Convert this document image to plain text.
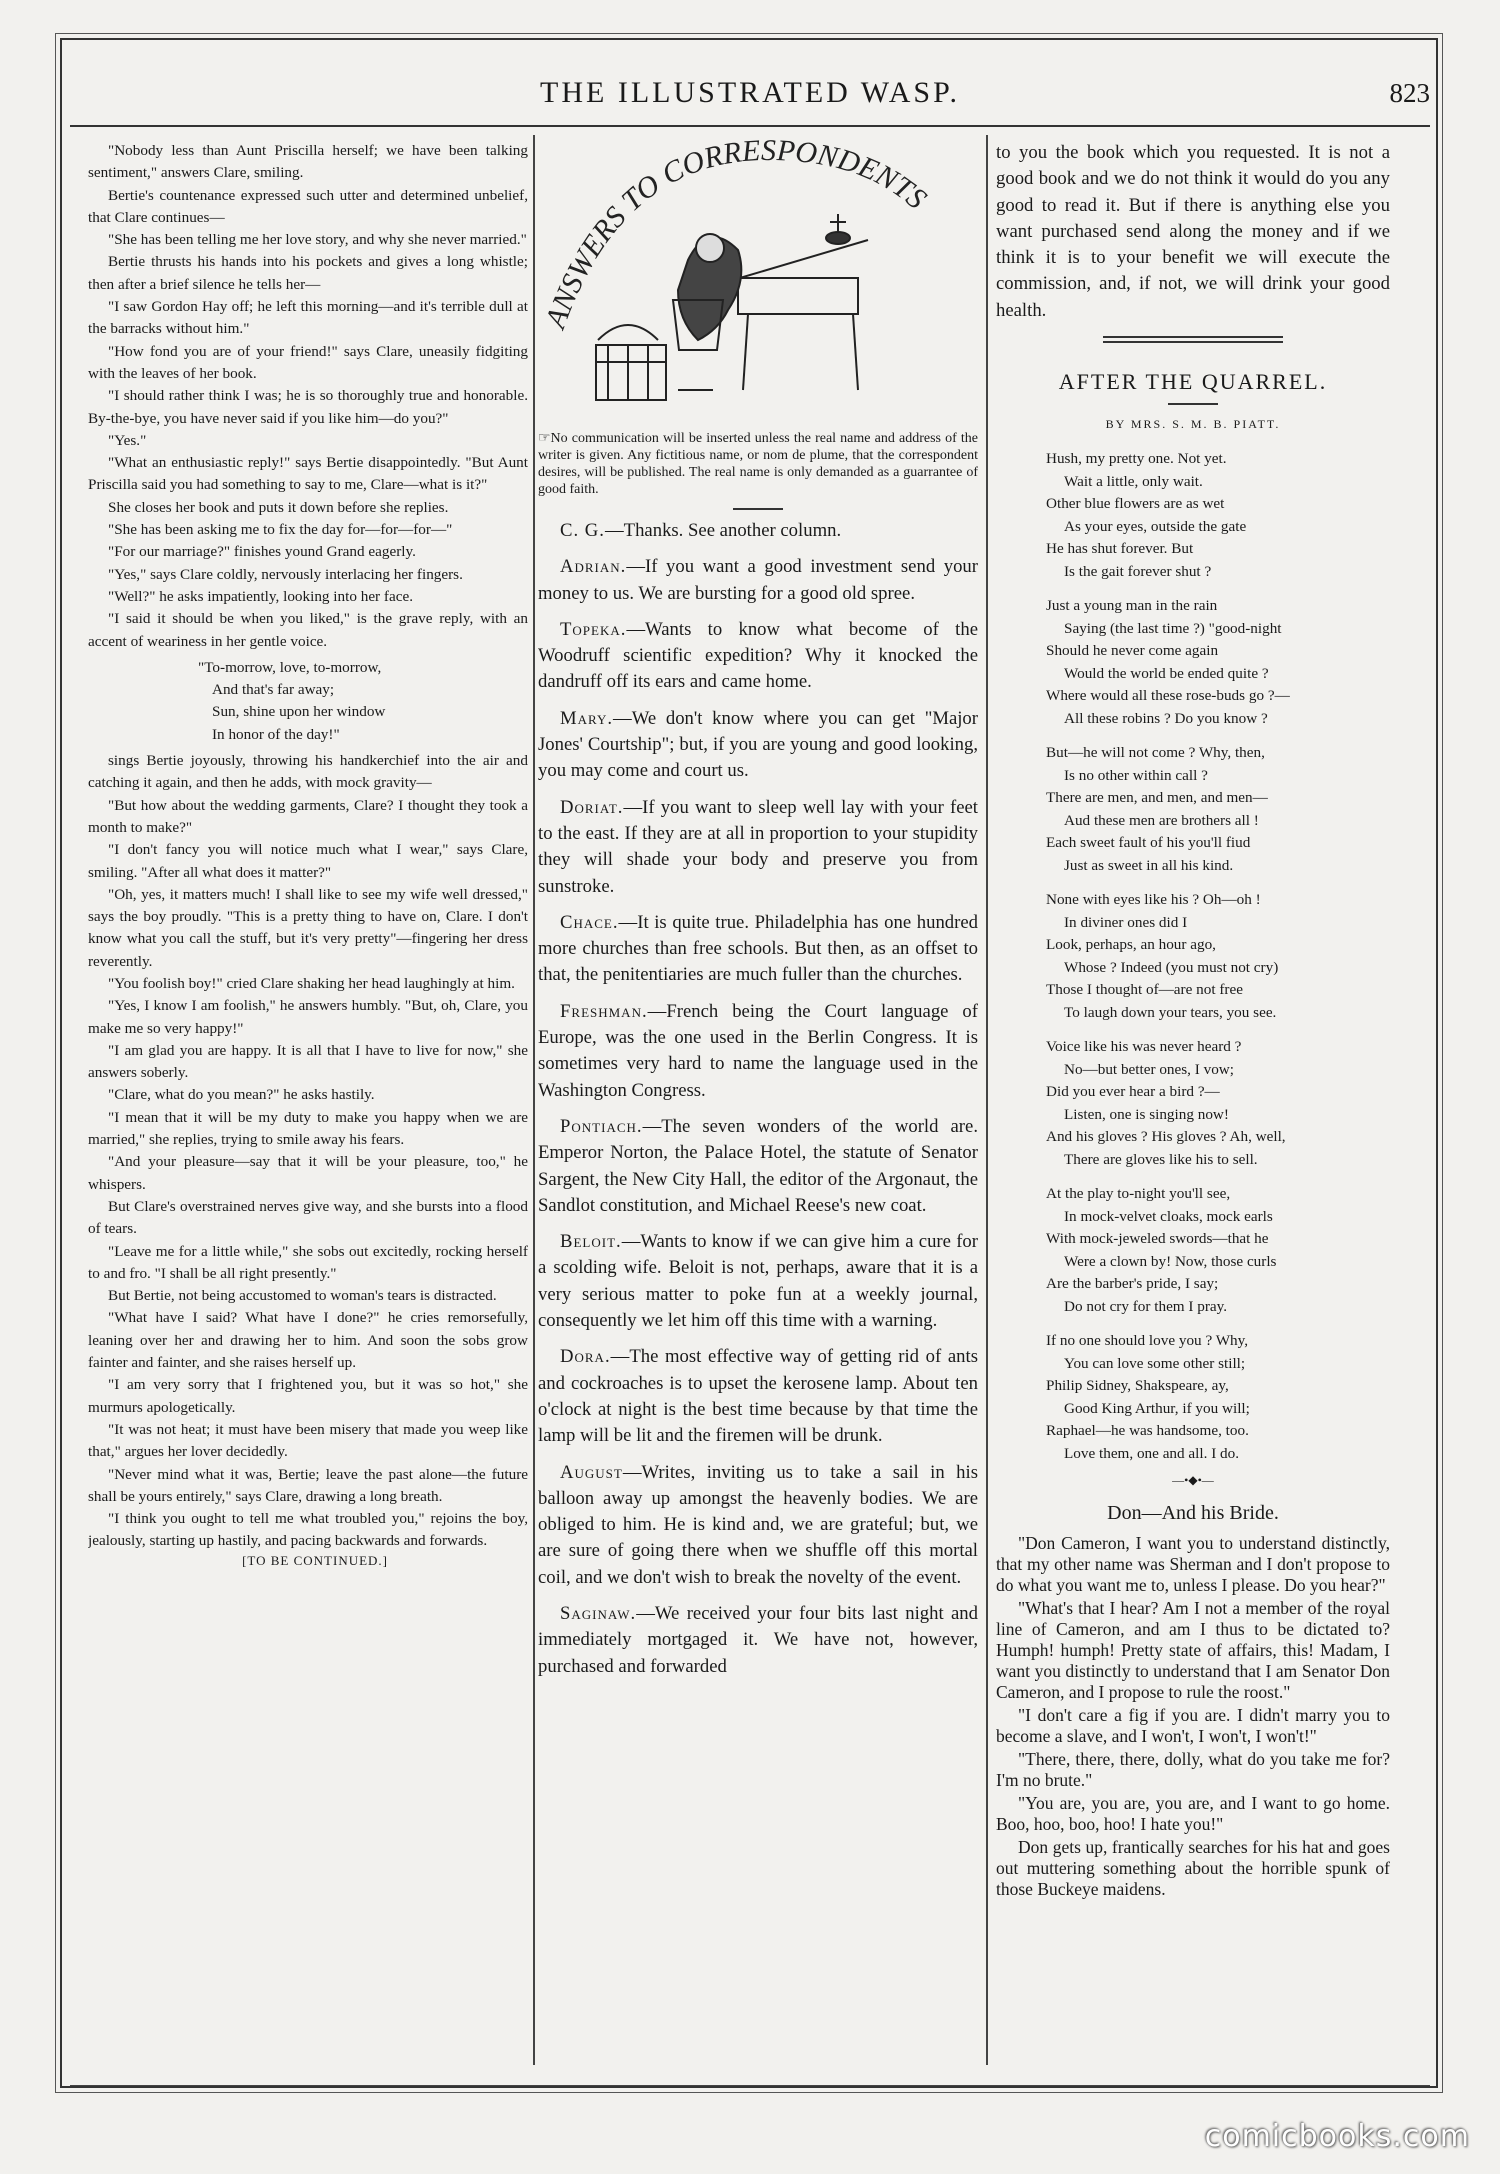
THE ILLUSTRATED WASP.	823

"Nobody less than Aunt Priscilla herself; we have been talking sentiment," answers Clare, smiling.

Bertie's countenance expressed such utter and determined unbelief, that Clare continues—

"She has been telling me her love story, and why she never married."

Bertie thrusts his hands into his pockets and gives a long whistle; then after a brief silence he tells her—

"I saw Gordon Hay off; he left this morning—and it's terrible dull at the barracks without him."

"How fond you are of your friend!" says Clare, uneasily fidgiting with the leaves of her book.

"I should rather think I was; he is so thoroughly true and honorable. By-the-bye, you have never said if you like him—do you?"

"Yes."

"What an enthusiastic reply!" says Bertie disappointedly. "But Aunt Priscilla said you had something to say to me, Clare—what is it?"

She closes her book and puts it down before she replies.

"She has been asking me to fix the day for—for—for—"

"For our marriage?" finishes yound Grand eagerly.

"Yes," says Clare coldly, nervously interlacing her fingers.

"Well?" he asks impatiently, looking into her face.

"I said it should be when you liked," is the grave reply, with an accent of weariness in her gentle voice.

"To-morrow, love, to-morrow,
And that's far away;
Sun, shine upon her window
In honor of the day!"

sings Bertie joyously, throwing his handkerchief into the air and catching it again, and then he adds, with mock gravity—

"But how about the wedding garments, Clare? I thought they took a month to make?"

"I don't fancy you will notice much what I wear," says Clare, smiling. "After all what does it matter?"

"Oh, yes, it matters much! I shall like to see my wife well dressed," says the boy proudly. "This is a pretty thing to have on, Clare. I don't know what you call the stuff, but it's very pretty"—fingering her dress reverently.

"You foolish boy!" cried Clare shaking her head laughingly at him.

"Yes, I know I am foolish," he answers humbly. "But, oh, Clare, you make me so very happy!"

"I am glad you are happy. It is all that I have to live for now," she answers soberly.

"Clare, what do you mean?" he asks hastily.

"I mean that it will be my duty to make you happy when we are married," she replies, trying to smile away his fears.

"And your pleasure—say that it will be your pleasure, too," he whispers.

But Clare's overstrained nerves give way, and she bursts into a flood of tears.

"Leave me for a little while," she sobs out excitedly, rocking herself to and fro. "I shall be all right presently."

But Bertie, not being accustomed to woman's tears is distracted.

"What have I said? What have I done?" he cries remorsefully, leaning over her and drawing her to him. And soon the sobs grow fainter and fainter, and she raises herself up.

"I am very sorry that I frightened you, but it was so hot," she murmurs apologetically.

"It was not heat; it must have been misery that made you weep like that," argues her lover decidedly.

"Never mind what it was, Bertie; leave the past alone—the future shall be yours entirely," says Clare, drawing a long breath.

"I think you ought to tell me what troubled you," rejoins the boy, jealously, starting up hastily, and pacing backwards and forwards.

[TO BE CONTINUED.]
ANSWERS TO CORRESPONDENTS

☞No communication will be inserted unless the real name and address of the writer is given. Any fictitious name, or nom de plume, that the correspondent desires, will be published. The real name is only demanded as a guarrantee of good faith.

C. G.—Thanks. See another column.

Adrian.—If you want a good investment send your money to us. We are bursting for a good old spree.

Topeka.—Wants to know what become of the Woodruff scientific expedition? Why it knocked the dandruff off its ears and came home.

Mary.—We don't know where you can get "Major Jones' Courtship"; but, if you are young and good looking, you may come and court us.

Doriat.—If you want to sleep well lay with your feet to the east. If they are at all in proportion to your stupidity they will shade your body and preserve you from sunstroke.

Chace.—It is quite true. Philadelphia has one hundred more churches than free schools. But then, as an offset to that, the penitentiaries are much fuller than the churches.

Freshman.—French being the Court language of Europe, was the one used in the Berlin Congress. It is sometimes very hard to name the language used in the Washington Congress.

Pontiach.—The seven wonders of the world are. Emperor Norton, the Palace Hotel, the statute of Senator Sargent, the New City Hall, the editor of the Argonaut, the Sandlot constitution, and Michael Reese's new coat.

Beloit.—Wants to know if we can give him a cure for a scolding wife. Beloit is not, perhaps, aware that it is a very serious matter to poke fun at a weekly journal, consequently we let him off this time with a warning.

Dora.—The most effective way of getting rid of ants and cockroaches is to upset the kerosene lamp. About ten o'clock at night is the best time because by that time the lamp will be lit and the firemen will be drunk.

August—Writes, inviting us to take a sail in his balloon away up amongst the heavenly bodies. We are obliged to him. He is kind and, we are grateful; but, we are sure of going there when we shuffle off this mortal coil, and we don't wish to break the novelty of the event.

Saginaw.—We received your four bits last night and immediately mortgaged it. We have not, however, purchased and forwarded

to you the book which you requested. It is not a good book and we do not think it would do you any good to read it. But if there is anything else you want purchased send along the money and if we think it is to your benefit we will execute the commission, and, if not, we will drink your good health.

AFTER THE QUARREL.
BY MRS. S. M. B. PIATT.
Hush, my pretty one. Not yet.
Wait a little, only wait.
Other blue flowers are as wet
As your eyes, outside the gate
He has shut forever. But
Is the gait forever shut ?
Just a young man in the rain
Saying (the last time ?) "good-night
Should he never come again
Would the world be ended quite ?
Where would all these rose-buds go ?—
All these robins ? Do you know ?
But—he will not come ? Why, then,
Is no other within call ?
There are men, and men, and men—
Aud these men are brothers all !
Each sweet fault of his you'll fiud
Just as sweet in all his kind.
None with eyes like his ? Oh—oh !
In diviner ones did I
Look, perhaps, an hour ago,
Whose ? Indeed (you must not cry)
Those I thought of—are not free
To laugh down your tears, you see.
Voice like his was never heard ?
No—but better ones, I vow;
Did you ever hear a bird ?—
Listen, one is singing now!
And his gloves ? His gloves ? Ah, well,
There are gloves like his to sell.
At the play to-night you'll see,
In mock-velvet cloaks, mock earls
With mock-jeweled swords—that he
Were a clown by! Now, those curls
Are the barber's pride, I say;
Do not cry for them I pray.
If no one should love you ? Why,
You can love some other still;
Philip Sidney, Shakspeare, ay,
Good King Arthur, if you will;
Raphael—he was handsome, too.
Love them, one and all. I do.
—•◆•—
Don—And his Bride.

"Don Cameron, I want you to understand distinctly, that my other name was Sherman and I don't propose to do what you want me to, unless I please. Do you hear?"

"What's that I hear? Am I not a member of the royal line of Cameron, and am I thus to be dictated to? Humph! humph! Pretty state of affairs, this! Madam, I want you distinctly to understand that I am Senator Don Cameron, and I propose to rule the roost."

"I don't care a fig if you are. I didn't marry you to become a slave, and I won't, I won't, I won't!"

"There, there, there, dolly, what do you take me for? I'm no brute."

"You are, you are, you are, and I want to go home. Boo, hoo, boo, hoo! I hate you!"

Don gets up, frantically searches for his hat and goes out muttering something about the horrible spunk of those Buckeye maidens.

comicbooks.com
